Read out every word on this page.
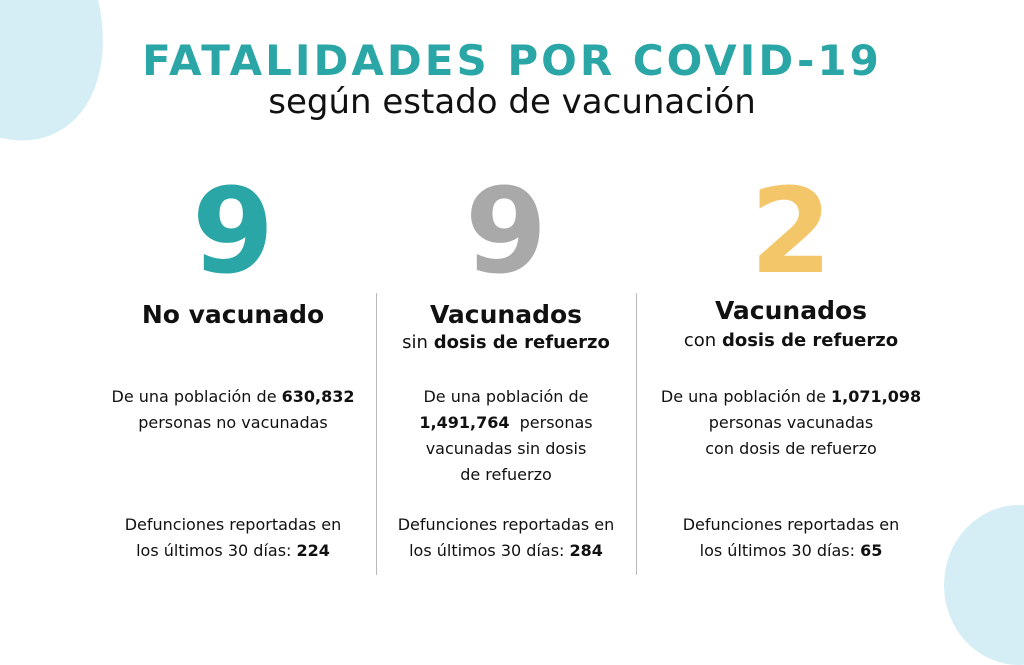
FATALIDADES POR COVID-19
según estado de vacunación
9
No vacunado
De una población de 630,832
personas no vacunadas
Defunciones reportadas en
los últimos 30 días: 224
9
Vacunados
sin dosis de refuerzo
De una población de
1,491,764 personas
vacunadas sin dosis
de refuerzo
Defunciones reportadas en
los últimos 30 días: 284
2
Vacunados
con dosis de refuerzo
De una población de 1,071,098
personas vacunadas
con dosis de refuerzo
Defunciones reportadas en
los últimos 30 días: 65
